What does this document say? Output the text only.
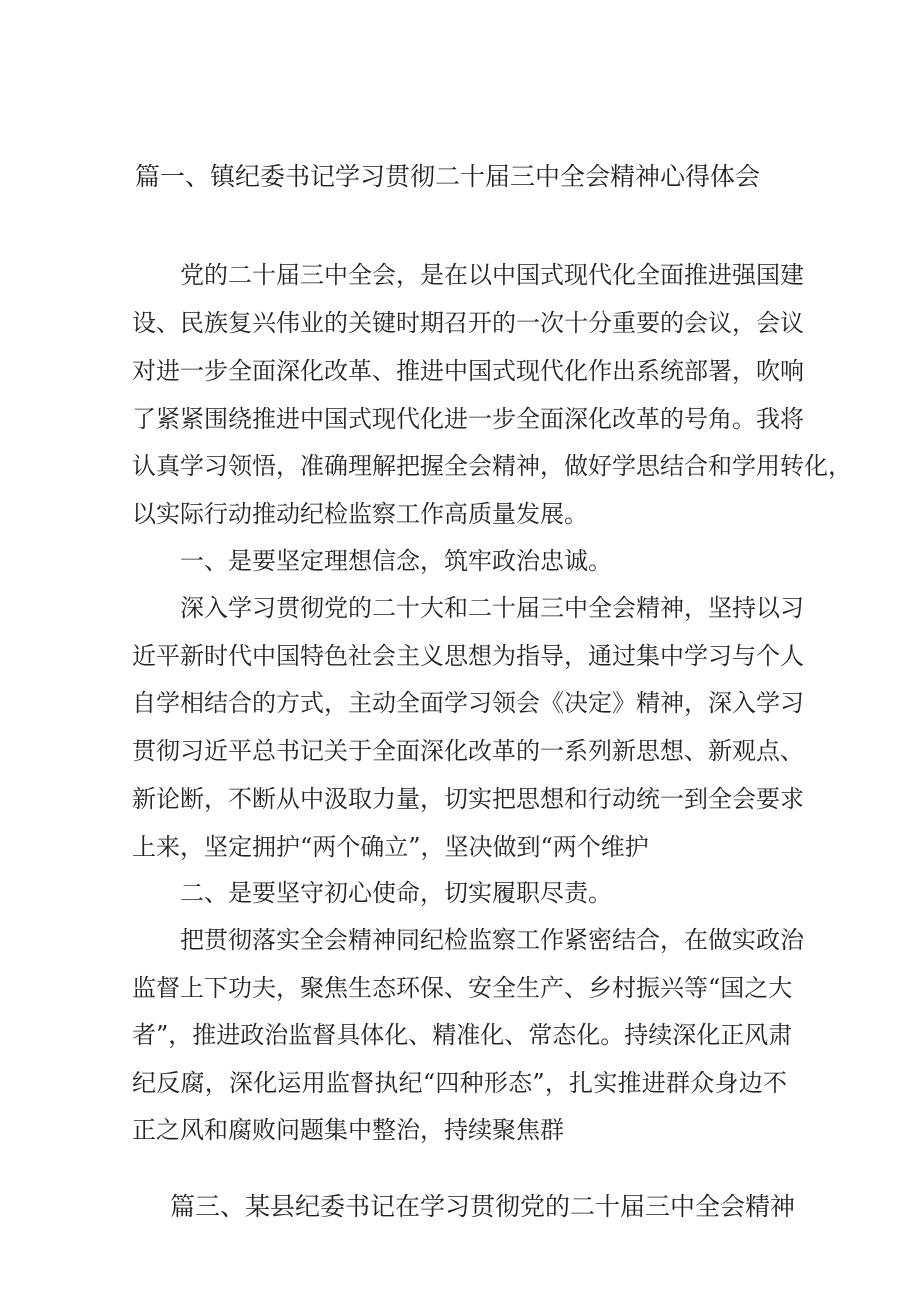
篇一、镇纪委书记学习贯彻二十届三中全会精神心得体会
党的二十届三中全会，是在以中国式现代化全面推进强国建
设、民族复兴伟业的关键时期召开的一次十分重要的会议，会议
对进一步全面深化改革、推进中国式现代化作出系统部署，吹响
了紧紧围绕推进中国式现代化进一步全面深化改革的号角。我将
认真学习领悟，准确理解把握全会精神，做好学思结合和学用转化，
以实际行动推动纪检监察工作高质量发展。
一、是要坚定理想信念，筑牢政治忠诚。
深入学习贯彻党的二十大和二十届三中全会精神，坚持以习
近平新时代中国特色社会主义思想为指导，通过集中学习与个人
自学相结合的方式，主动全面学习领会《决定》精神，深入学习
贯彻习近平总书记关于全面深化改革的一系列新思想、新观点、
新论断，不断从中汲取力量，切实把思想和行动统一到全会要求
上来，坚定拥护“两个确立”，坚决做到“两个维护
二、是要坚守初心使命，切实履职尽责。
把贯彻落实全会精神同纪检监察工作紧密结合，在做实政治
监督上下功夫，聚焦生态环保、安全生产、乡村振兴等“国之大
者”，推进政治监督具体化、精准化、常态化。持续深化正风肃
纪反腐，深化运用监督执纪“四种形态”，扎实推进群众身边不
正之风和腐败问题集中整治，持续聚焦群
篇三、某县纪委书记在学习贯彻党的二十届三中全会精神
